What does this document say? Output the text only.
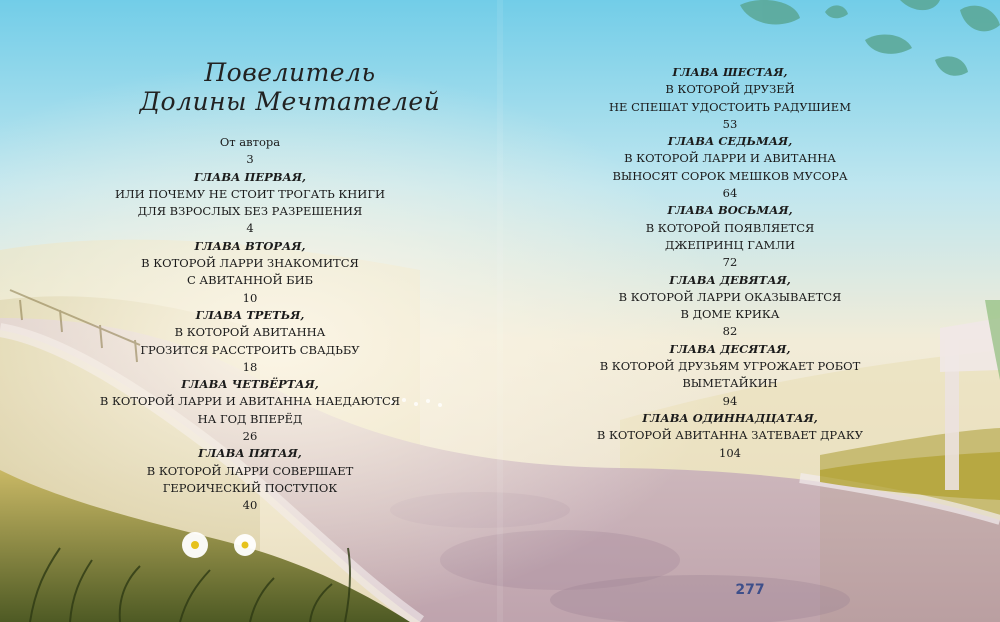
Повелитель
Долины Мечтателей
От автора
3
ГЛАВА ПЕРВАЯ,
ИЛИ ПОЧЕМУ НЕ СТОИТ ТРОГАТЬ КНИГИ
ДЛЯ ВЗРОСЛЫХ БЕЗ РАЗРЕШЕНИЯ
4
ГЛАВА ВТОРАЯ,
В КОТОРОЙ ЛАРРИ ЗНАКОМИТСЯ
С АВИТАННОЙ БИБ
10
ГЛАВА ТРЕТЬЯ,
В КОТОРОЙ АВИТАННА
ГРОЗИТСЯ РАССТРОИТЬ СВАДЬБУ
18
ГЛАВА ЧЕТВЁРТАЯ,
В КОТОРОЙ ЛАРРИ И АВИТАННА НАЕДАЮТСЯ
НА ГОД ВПЕРЁД
26
ГЛАВА ПЯТАЯ,
В КОТОРОЙ ЛАРРИ СОВЕРШАЕТ
ГЕРОИЧЕСКИЙ ПОСТУПОК
40
ГЛАВА ШЕСТАЯ,
В КОТОРОЙ ДРУЗЕЙ
НЕ СПЕШАТ УДОСТОИТЬ РАДУШИЕМ
53
ГЛАВА СЕДЬМАЯ,
В КОТОРОЙ ЛАРРИ И АВИТАННА
ВЫНОСЯТ СОРОК МЕШКОВ МУСОРА
64
ГЛАВА ВОСЬМАЯ,
В КОТОРОЙ ПОЯВЛЯЕТСЯ
ДЖЕПРИНЦ ГАМЛИ
72
ГЛАВА ДЕВЯТАЯ,
В КОТОРОЙ ЛАРРИ ОКАЗЫВАЕТСЯ
В ДОМЕ КРИКА
82
ГЛАВА ДЕСЯТАЯ,
В КОТОРОЙ ДРУЗЬЯМ УГРОЖАЕТ РОБОТ
ВЫМЕТАЙКИН
94
ГЛАВА ОДИННАДЦАТАЯ,
В КОТОРОЙ АВИТАННА ЗАТЕВАЕТ ДРАКУ
104
277
